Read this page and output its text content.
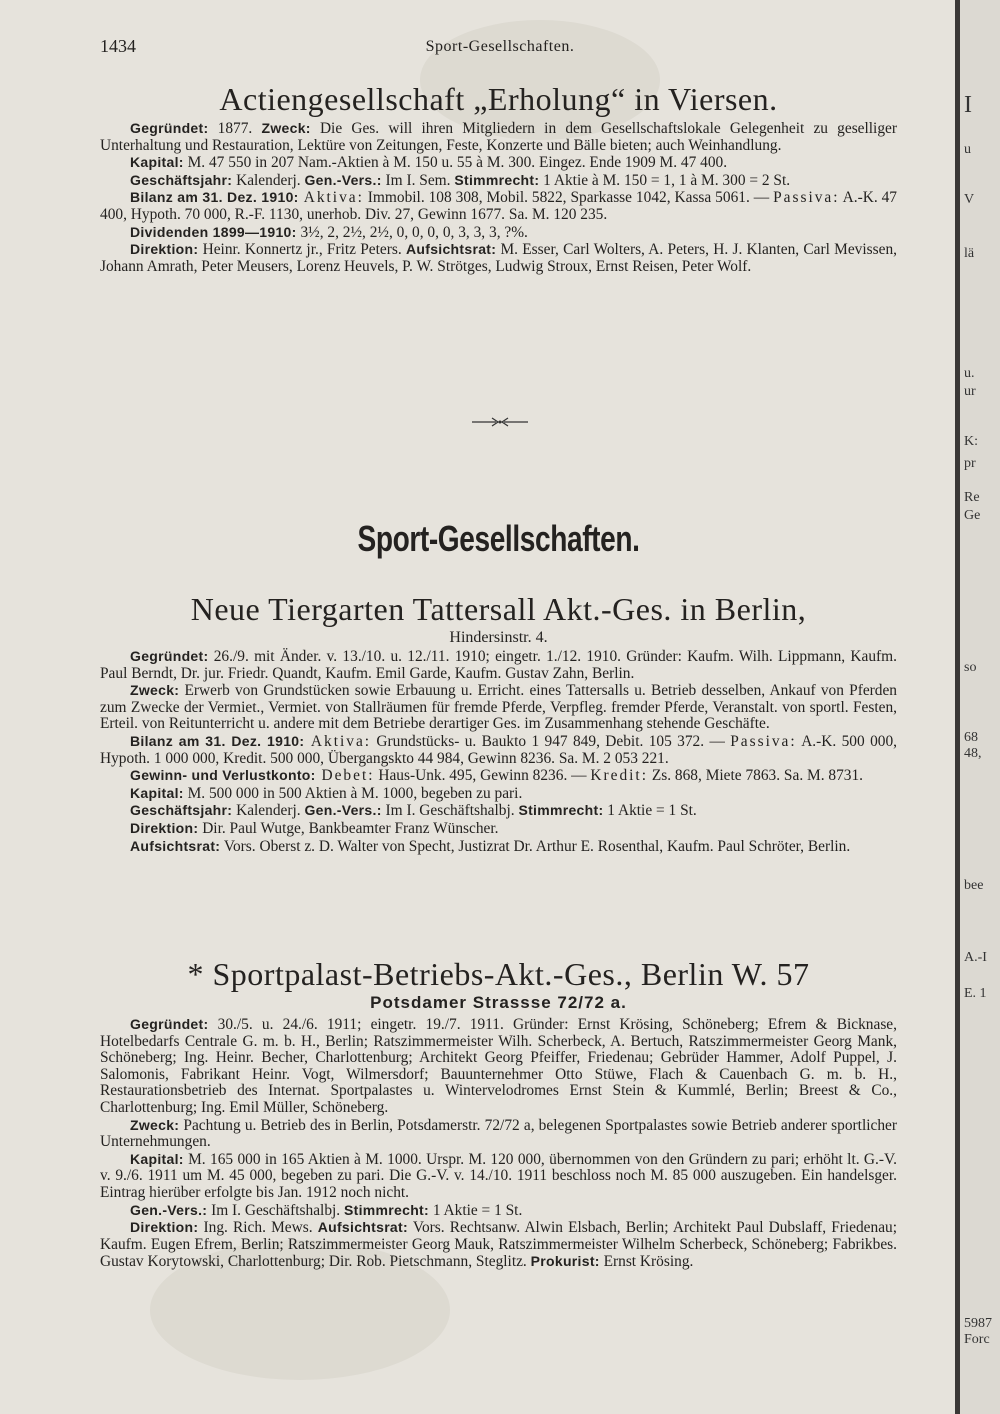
1434	Sport-Gesellschaften.
Actiengesellschaft „Erholung“ in Viersen.

Gegründet: 1877. Zweck: Die Ges. will ihren Mitgliedern in dem Gesellschaftslokale Gelegenheit zu geselliger Unterhaltung und Restauration, Lektüre von Zeitungen, Feste, Konzerte und Bälle bieten; auch Weinhandlung.

Kapital: M. 47 550 in 207 Nam.-Aktien à M. 150 u. 55 à M. 300. Eingez. Ende 1909 M. 47 400.

Geschäftsjahr: Kalenderj. Gen.-Vers.: Im I. Sem. Stimmrecht: 1 Aktie à M. 150 = 1, 1 à M. 300 = 2 St.

Bilanz am 31. Dez. 1910: Aktiva: Immobil. 108 308, Mobil. 5822, Sparkasse 1042, Kassa 5061. — Passiva: A.-K. 47 400, Hypoth. 70 000, R.-F. 1130, unerhob. Div. 27, Gewinn 1677. Sa. M. 120 235.

Dividenden 1899—1910: 3½, 2, 2½, 2½, 0, 0, 0, 0, 3, 3, 3, ?%.

Direktion: Heinr. Konnertz jr., Fritz Peters. Aufsichtsrat: M. Esser, Carl Wolters, A. Peters, H. J. Klanten, Carl Mevissen, Johann Amrath, Peter Meusers, Lorenz Heuvels, P. W. Strötges, Ludwig Stroux, Ernst Reisen, Peter Wolf.

Sport-Gesellschaften.
Neue Tiergarten Tattersall Akt.-Ges. in Berlin,
Hindersinstr. 4.

Gegründet: 26./9. mit Änder. v. 13./10. u. 12./11. 1910; eingetr. 1./12. 1910. Gründer: Kaufm. Wilh. Lippmann, Kaufm. Paul Berndt, Dr. jur. Friedr. Quandt, Kaufm. Emil Garde, Kaufm. Gustav Zahn, Berlin.

Zweck: Erwerb von Grundstücken sowie Erbauung u. Erricht. eines Tattersalls u. Betrieb desselben, Ankauf von Pferden zum Zwecke der Vermiet., Vermiet. von Stallräumen für fremde Pferde, Verpfleg. fremder Pferde, Veranstalt. von sportl. Festen, Erteil. von Reitunterricht u. andere mit dem Betriebe derartiger Ges. im Zusammenhang stehende Geschäfte.

Bilanz am 31. Dez. 1910: Aktiva: Grundstücks- u. Baukto 1 947 849, Debit. 105 372. — Passiva: A.-K. 500 000, Hypoth. 1 000 000, Kredit. 500 000, Übergangskto 44 984, Gewinn 8236. Sa. M. 2 053 221.

Gewinn- und Verlustkonto: Debet: Haus-Unk. 495, Gewinn 8236. — Kredit: Zs. 868, Miete 7863. Sa. M. 8731.

Kapital: M. 500 000 in 500 Aktien à M. 1000, begeben zu pari.

Geschäftsjahr: Kalenderj. Gen.-Vers.: Im I. Geschäftshalbj. Stimmrecht: 1 Aktie = 1 St.

Direktion: Dir. Paul Wutge, Bankbeamter Franz Wünscher.

Aufsichtsrat: Vors. Oberst z. D. Walter von Specht, Justizrat Dr. Arthur E. Rosenthal, Kaufm. Paul Schröter, Berlin.

* Sportpalast-Betriebs-Akt.-Ges., Berlin W. 57
Potsdamer Strassse 72/72 a.

Gegründet: 30./5. u. 24./6. 1911; eingetr. 19./7. 1911. Gründer: Ernst Krösing, Schöneberg; Efrem & Bicknase, Hotelbedarfs Centrale G. m. b. H., Berlin; Ratszimmermeister Wilh. Scherbeck, A. Bertuch, Ratszimmermeister Georg Mank, Schöneberg; Ing. Heinr. Becher, Charlottenburg; Architekt Georg Pfeiffer, Friedenau; Gebrüder Hammer, Adolf Puppel, J. Salomonis, Fabrikant Heinr. Vogt, Wilmersdorf; Bauunternehmer Otto Stüwe, Flach & Cauenbach G. m. b. H., Restaurationsbetrieb des Internat. Sportpalastes u. Wintervelodromes Ernst Stein & Kummlé, Berlin; Breest & Co., Charlottenburg; Ing. Emil Müller, Schöneberg.

Zweck: Pachtung u. Betrieb des in Berlin, Potsdamerstr. 72/72 a, belegenen Sportpalastes sowie Betrieb anderer sportlicher Unternehmungen.

Kapital: M. 165 000 in 165 Aktien à M. 1000. Urspr. M. 120 000, übernommen von den Gründern zu pari; erhöht lt. G.-V. v. 9./6. 1911 um M. 45 000, begeben zu pari. Die G.-V. v. 14./10. 1911 beschloss noch M. 85 000 auszugeben. Ein handelsger. Eintrag hierüber erfolgte bis Jan. 1912 noch nicht.

Gen.-Vers.: Im I. Geschäftshalbj. Stimmrecht: 1 Aktie = 1 St.

Direktion: Ing. Rich. Mews. Aufsichtsrat: Vors. Rechtsanw. Alwin Elsbach, Berlin; Architekt Paul Dubslaff, Friedenau; Kaufm. Eugen Efrem, Berlin; Ratszimmermeister Georg Mauk, Ratszimmermeister Wilhelm Scherbeck, Schöneberg; Fabrikbes. Gustav Korytowski, Charlottenburg; Dir. Rob. Pietschmann, Steglitz. Prokurist: Ernst Krösing.

I
u
V
lä
u.
ur
K:
pr
Re
Ge
so
68
48,
bee
A.-I
E. 1
5987
Forc
